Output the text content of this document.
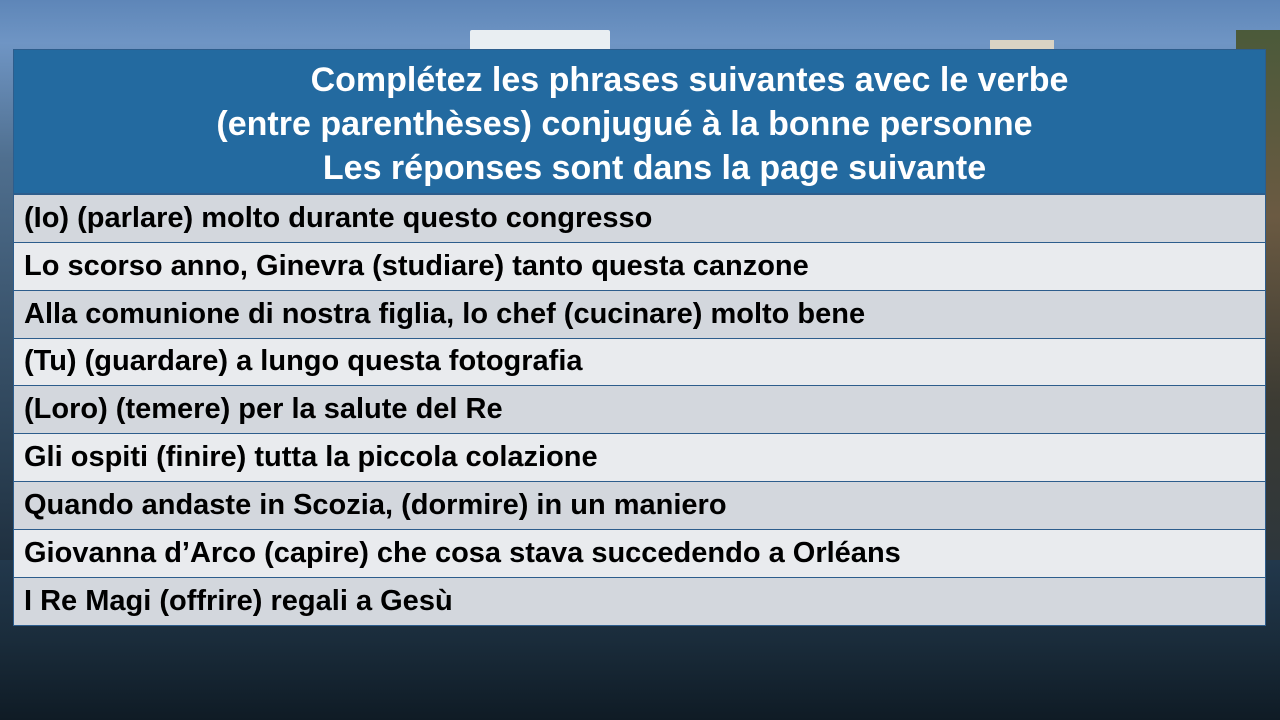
Complétez les phrases suivantes avec le verbe
(entre parenthèses) conjugué à la bonne personne
Les réponses sont dans la page suivante
(Io) (parlare) molto durante questo congresso
Lo scorso anno, Ginevra (studiare) tanto questa canzone
Alla comunione di nostra figlia, lo chef (cucinare) molto bene
(Tu) (guardare) a lungo questa fotografia
(Loro) (temere) per la salute del Re
Gli ospiti (finire) tutta la piccola colazione
Quando andaste in Scozia, (dormire) in un maniero
Giovanna d’Arco (capire) che cosa stava succedendo a Orléans
I Re Magi (offrire) regali a Gesù
